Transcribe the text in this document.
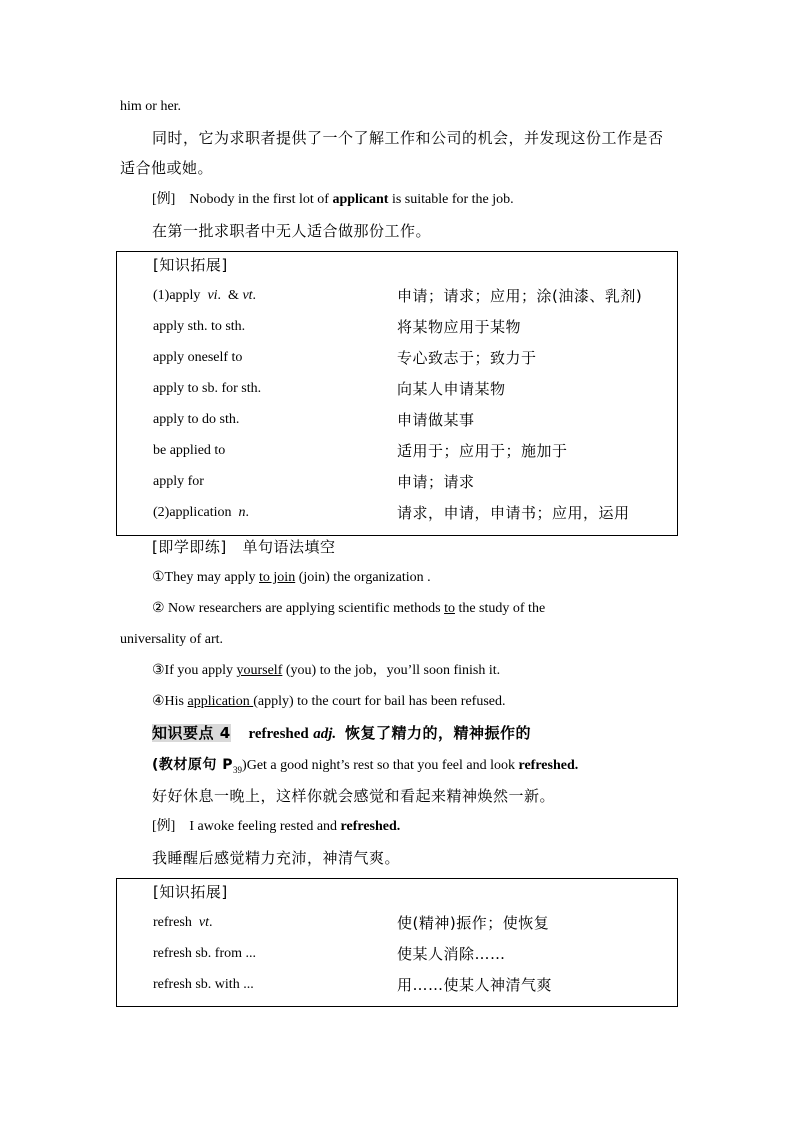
him or her.
同时，它为求职者提供了一个了解工作和公司的机会，并发现这份工作是否
适合他或她。
[例] Nobody in the first lot of applicant is suitable for the job.
在第一批求职者中无人适合做那份工作。
[知识拓展]
(1)apply  vi.  & vt.	申请；请求；应用；涂(油漆、乳剂)
apply sth. to sth.	将某物应用于某物
apply oneself to	专心致志于；致力于
apply to sb. for sth.	向某人申请某物
apply to do sth.	申请做某事
be applied to	适用于；应用于；施加于
apply for	申请；请求
(2)application  n.	请求，申请，申请书；应用，运用
[即学即练] 单句语法填空
①They may apply to join (join) the organization .
② Now researchers are applying scientific methods to the study of the
universality of art.
③If you apply yourself (you) to the job，you’ll soon finish it.
④His application (apply) to the court for bail has been refused.
知识要点 4 refreshed adj. 恢复了精力的，精神振作的
(教材原句 $P_{39})Get$ a good night’s rest so that you feel and look refreshed.
好好休息一晚上，这样你就会感觉和看起来精神焕然一新。
[例] I awoke feeling rested and refreshed.
我睡醒后感觉精力充沛，神清气爽。
[知识拓展]
refresh  vt.	使(精神)振作；使恢复
refresh sb. from ...	使某人消除……
refresh sb. with ...	用……使某人神清气爽
